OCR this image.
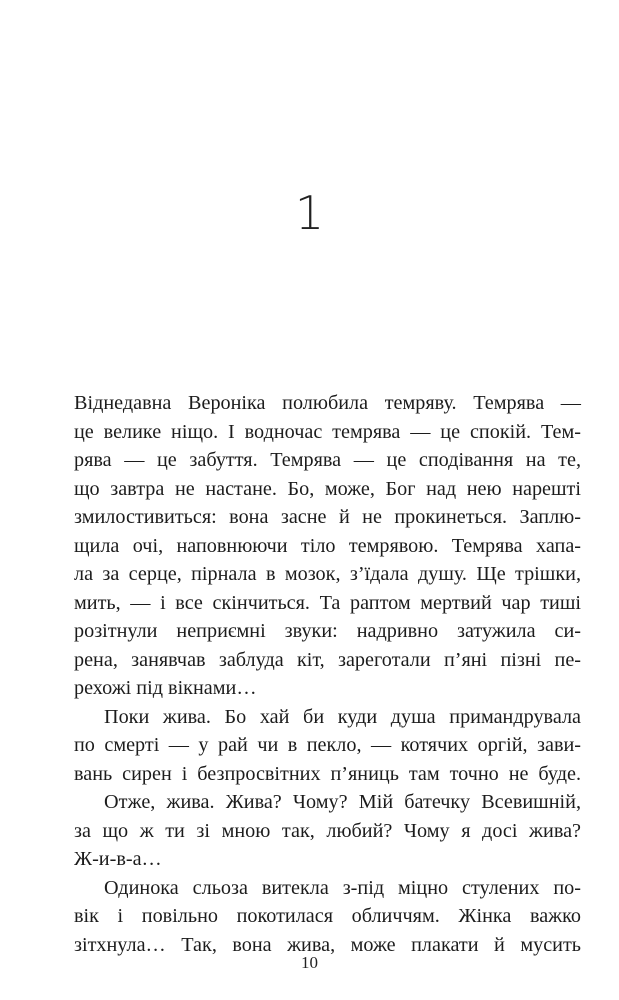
1
Віднедавна Вероніка полюбила темряву. Темрява —
це велике ніщо. І водночас темрява — це спокій. Тем-
рява — це забуття. Темрява — це сподівання на те,
що завтра не настане. Бо, може, Бог над нею нарешті
змилостивиться: вона засне й не прокинеться. Заплю-
щила очі, наповнюючи тіло темрявою. Темрява хапа-
ла за серце, пірнала в мозок, з’їдала душу. Ще трішки,
мить, — і все скінчиться. Та раптом мертвий чар тиші
розітнули неприємні звуки: надривно затужила си-
рена, занявчав заблуда кіт, зареготали п’яні пізні пе-
рехожі під вікнами…
Поки жива. Бо хай би куди душа примандрувала
по смерті — у рай чи в пекло, — котячих оргій, зави-
вань сирен і безпросвітних п’яниць там точно не буде.
Отже, жива. Жива? Чому? Мій батечку Всевишній,
за що ж ти зі мною так, любий? Чому я досі жива?
Ж-и-в-а…
Одинока сльоза витекла з-під міцно стулених по-
вік і повільно покотилася обличчям. Жінка важко
зітхнула… Так, вона жива, може плакати й мусить
10
